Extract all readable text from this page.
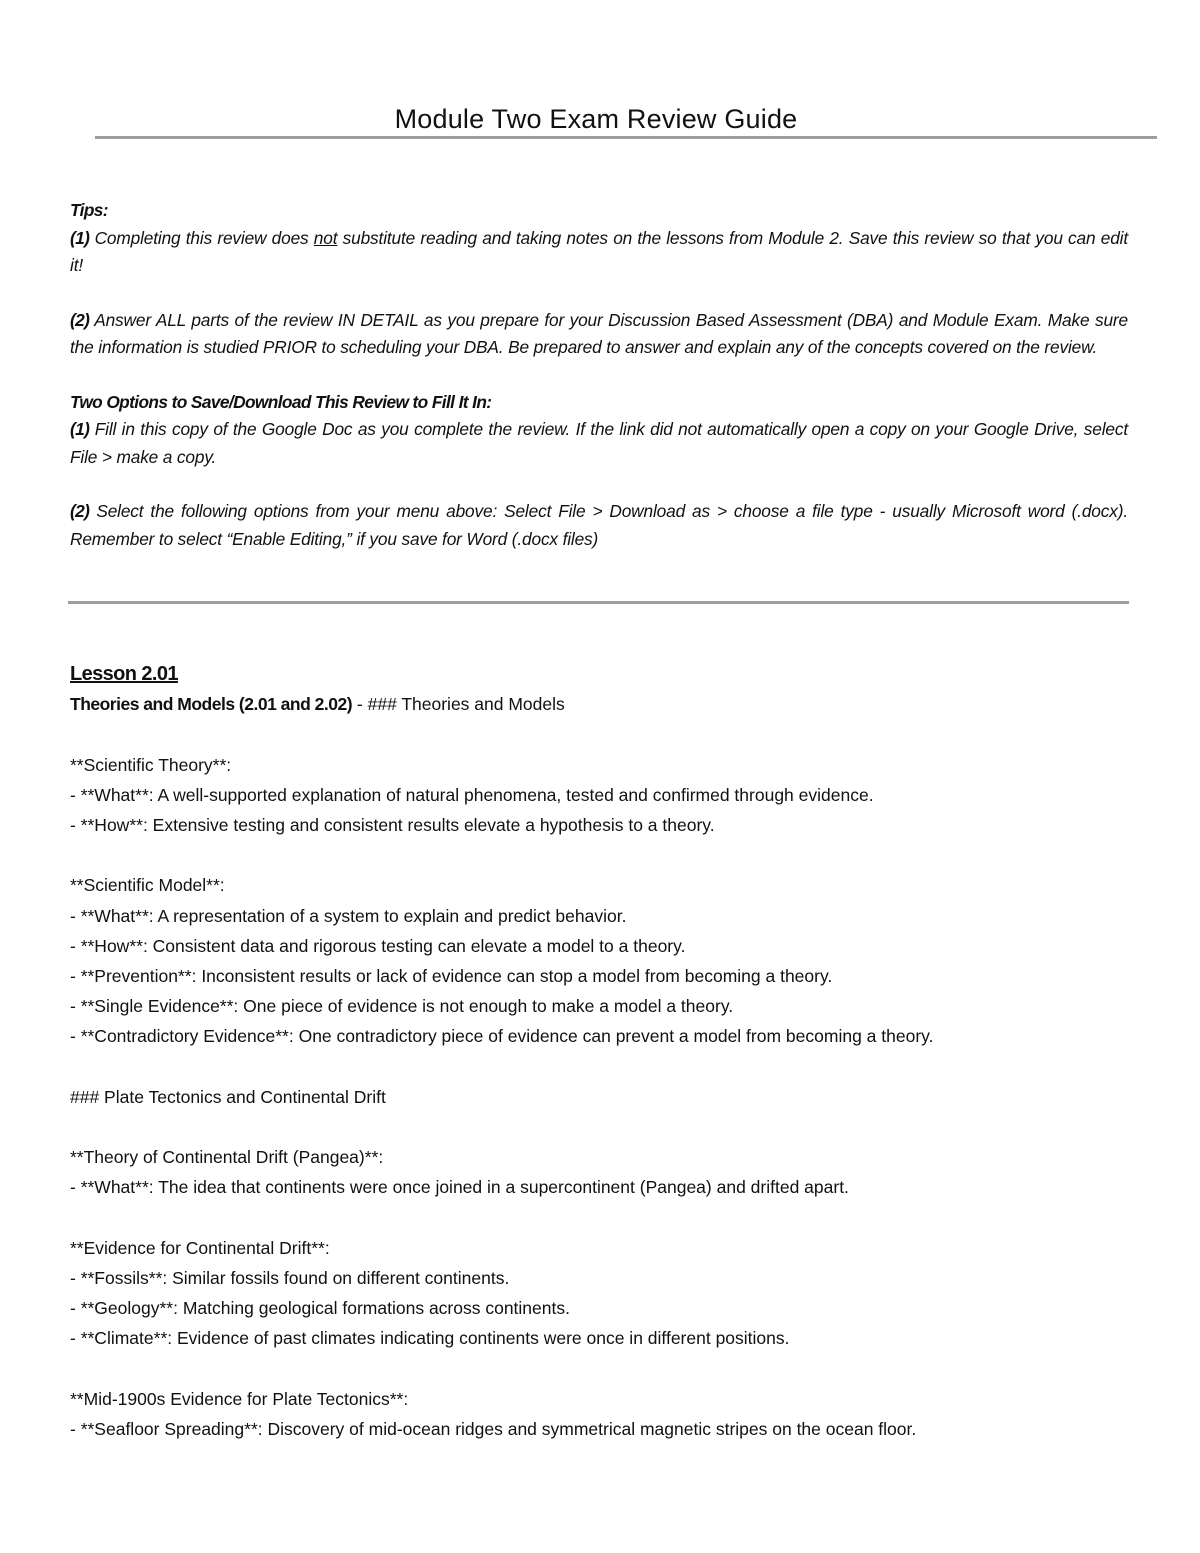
Module Two Exam Review Guide

Tips:

(1) Completing this review does not substitute reading and taking notes on the lessons from Module 2. Save this review so that you can edit it!

(2) Answer ALL parts of the review IN DETAIL as you prepare for your Discussion Based Assessment (DBA) and Module Exam. Make sure the information is studied PRIOR to scheduling your DBA. Be prepared to answer and explain any of the concepts covered on the review.

Two Options to Save/Download This Review to Fill It In:

(1) Fill in this copy of the Google Doc as you complete the review. If the link did not automatically open a copy on your Google Drive, select File > make a copy.

(2) Select the following options from your menu above: Select File > Download as > choose a file type - usually Microsoft word (.docx). Remember to select “Enable Editing,” if you save for Word (.docx files)

Lesson 2.01

Theories and Models (2.01 and 2.02) - ### Theories and Models

**Scientific Theory**:

- **What**: A well-supported explanation of natural phenomena, tested and confirmed through evidence.

- **How**: Extensive testing and consistent results elevate a hypothesis to a theory.

**Scientific Model**:

- **What**: A representation of a system to explain and predict behavior.

- **How**: Consistent data and rigorous testing can elevate a model to a theory.

- **Prevention**: Inconsistent results or lack of evidence can stop a model from becoming a theory.

- **Single Evidence**: One piece of evidence is not enough to make a model a theory.

- **Contradictory Evidence**: One contradictory piece of evidence can prevent a model from becoming a theory.

### Plate Tectonics and Continental Drift

**Theory of Continental Drift (Pangea)**:

- **What**: The idea that continents were once joined in a supercontinent (Pangea) and drifted apart.

**Evidence for Continental Drift**:

- **Fossils**: Similar fossils found on different continents.

- **Geology**: Matching geological formations across continents.

- **Climate**: Evidence of past climates indicating continents were once in different positions.

**Mid-1900s Evidence for Plate Tectonics**:

- **Seafloor Spreading**: Discovery of mid-ocean ridges and symmetrical magnetic stripes on the ocean floor.
